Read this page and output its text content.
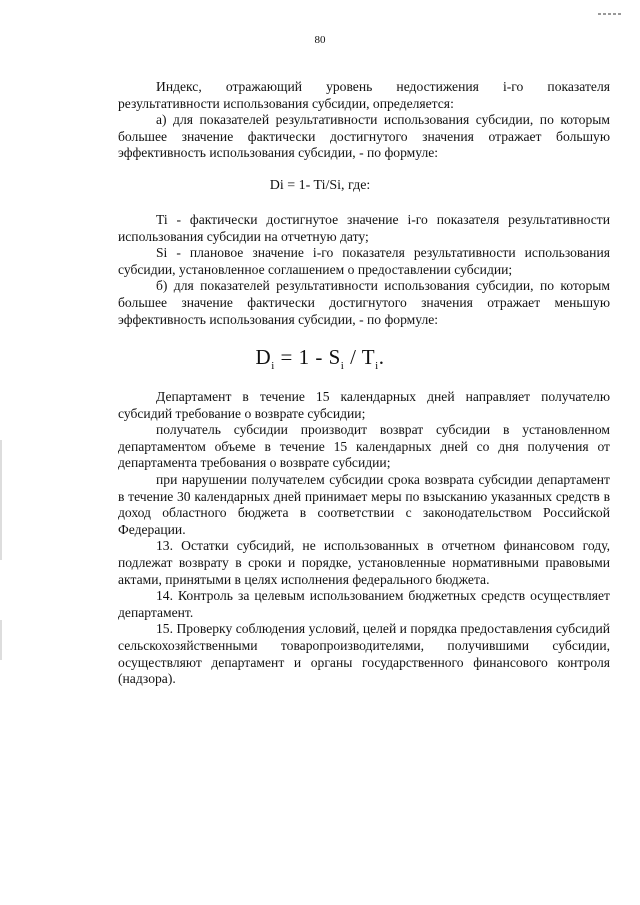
80

Индекс, отражающий уровень недостижения i-го показателя результативности использования субсидии, определяется:

а) для показателей результативности использования субсидии, по которым большее значение фактически достигнутого значения отражает большую эффективность использования субсидии, - по формуле:

Di = 1- Ti/Si, где:

Ti - фактически достигнутое значение i-го показателя результативности использования субсидии на отчетную дату;

Si - плановое значение i-го показателя результативности использования субсидии, установленное соглашением о предоставлении субсидии;

б) для показателей результативности использования субсидии, по которым большее значение фактически достигнутого значения отражает меньшую эффективность использования субсидии, - по формуле:

$D_i = 1 - S_i / T_i$.

Департамент в течение 15 календарных дней направляет получателю субсидий требование о возврате субсидии;

получатель субсидии производит возврат субсидии в установленном департаментом объеме в течение 15 календарных дней со дня получения от департамента требования о возврате субсидии;

при нарушении получателем субсидии срока возврата субсидии департамент в течение 30 календарных дней принимает меры по взысканию указанных средств в доход областного бюджета в соответствии с законодательством Российской Федерации.

13. Остатки субсидий, не использованных в отчетном финансовом году, подлежат возврату в сроки и порядке, установленные нормативными правовыми актами, принятыми в целях исполнения федерального бюджета.

14. Контроль за целевым использованием бюджетных средств осуществляет департамент.

15. Проверку соблюдения условий, целей и порядка предоставления субсидий сельскохозяйственными товаропроизводителями, получившими субсидии, осуществляют департамент и органы государственного финансового контроля (надзора).
